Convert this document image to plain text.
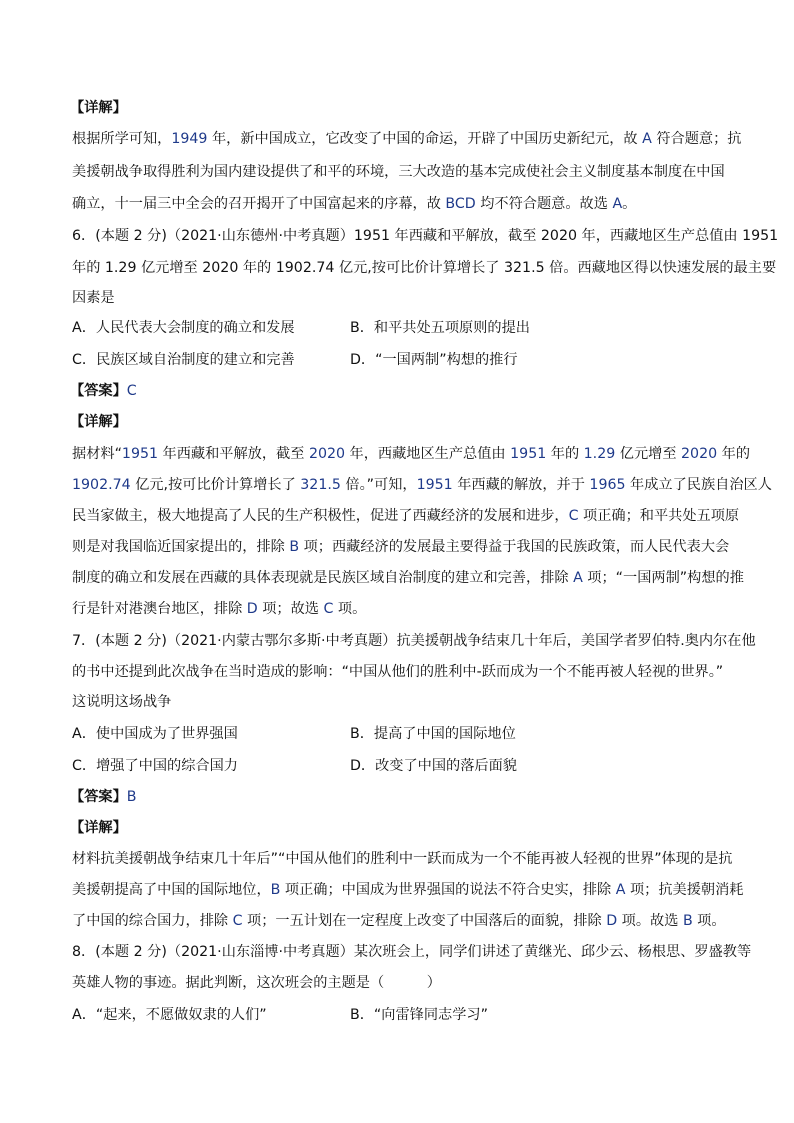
【详解】
根据所学可知，1949 年，新中国成立，它改变了中国的命运，开辟了中国历史新纪元，故 A 符合题意；抗
美援朝战争取得胜利为国内建设提供了和平的环境，三大改造的基本完成使社会主义制度基本制度在中国
确立，十一届三中全会的召开揭开了中国富起来的序幕，故 BCD 均不符合题意。故选 A。
6．(本题 2 分)（2021·山东德州·中考真题）1951 年西藏和平解放，截至 2020 年，西藏地区生产总值由 1951
年的 1.29 亿元增至 2020 年的 1902.74 亿元,按可比价计算增长了 321.5 倍。西藏地区得以快速发展的最主要
因素是
A．人民代表大会制度的确立和发展	B．和平共处五项原则的提出
C．民族区域自治制度的建立和完善	D．“一国两制”构想的推行
【答案】C
【详解】
据材料“1951 年西藏和平解放，截至 2020 年，西藏地区生产总值由 1951 年的 1.29 亿元增至 2020 年的
1902.74 亿元,按可比价计算增长了 321.5 倍。”可知，1951 年西藏的解放，并于 1965 年成立了民族自治区人
民当家做主，极大地提高了人民的生产积极性，促进了西藏经济的发展和进步，C 项正确；和平共处五项原
则是对我国临近国家提出的，排除 B 项；西藏经济的发展最主要得益于我国的民族政策，而人民代表大会
制度的确立和发展在西藏的具体表现就是民族区域自治制度的建立和完善，排除 A 项；“一国两制”构想的推
行是针对港澳台地区，排除 D 项；故选 C 项。
7．(本题 2 分)（2021·内蒙古鄂尔多斯·中考真题）抗美援朝战争结束几十年后，美国学者罗伯特.奥内尔在他
的书中还提到此次战争在当时造成的影响：“中国从他们的胜利中-跃而成为一个不能再被人轻视的世界。”
这说明这场战争
A．使中国成为了世界强国	B．提高了中国的国际地位
C．增强了中国的综合国力	D．改变了中国的落后面貌
【答案】B
【详解】
材料抗美援朝战争结束几十年后”“中国从他们的胜利中一跃而成为一个不能再被人轻视的世界”体现的是抗
美援朝提高了中国的国际地位，B 项正确；中国成为世界强国的说法不符合史实，排除 A 项；抗美援朝消耗
了中国的综合国力，排除 C 项；一五计划在一定程度上改变了中国落后的面貌，排除 D 项。故选 B 项。
8．(本题 2 分)（2021·山东淄博·中考真题）某次班会上，同学们讲述了黄继光、邱少云、杨根思、罗盛教等
英雄人物的事迹。据此判断，这次班会的主题是（　　　）
A．“起来，不愿做奴隶的人们”	B．“向雷锋同志学习”
